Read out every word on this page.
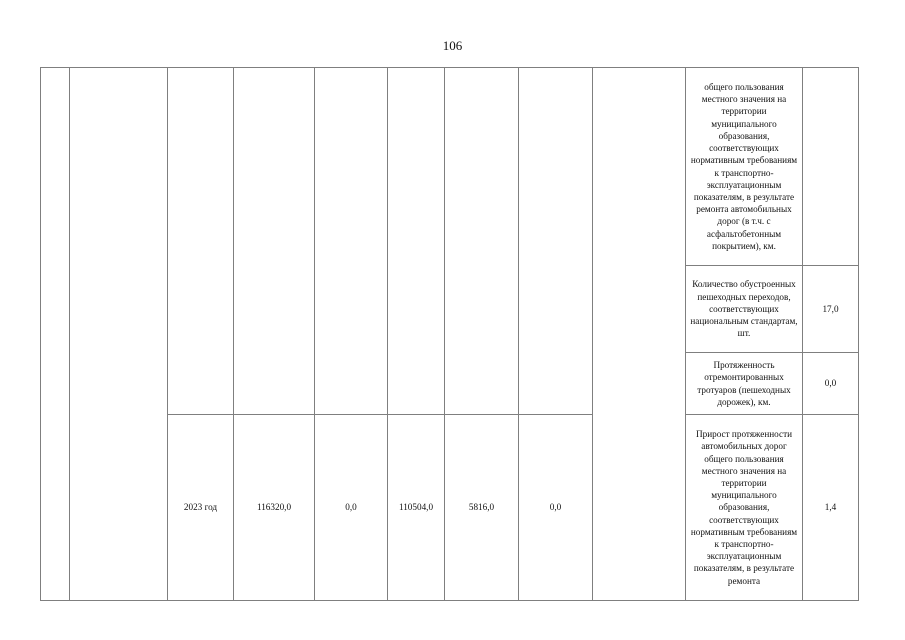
106
									общего пользования местного значения на территории муниципального образования, соответствующих нормативным требованиям к транспортно-эксплуатационным показателям, в результате ремонта автомобильных дорог (в т.ч. с асфальтобетонным покрытием), км.	
									Количество обустроенных пешеходных переходов, соответствующих национальным стандартам, шт.	17,0
									Протяженность отремонтированных тротуаров (пешеходных дорожек), км.	0,0
		2023 год	116320,0	0,0	110504,0	5816,0	0,0		Прирост протяженности автомобильных дорог общего пользования местного значения на территории муниципального образования, соответствующих нормативным требованиям к транспортно-эксплуатационным показателям, в результате ремонта	1,4
